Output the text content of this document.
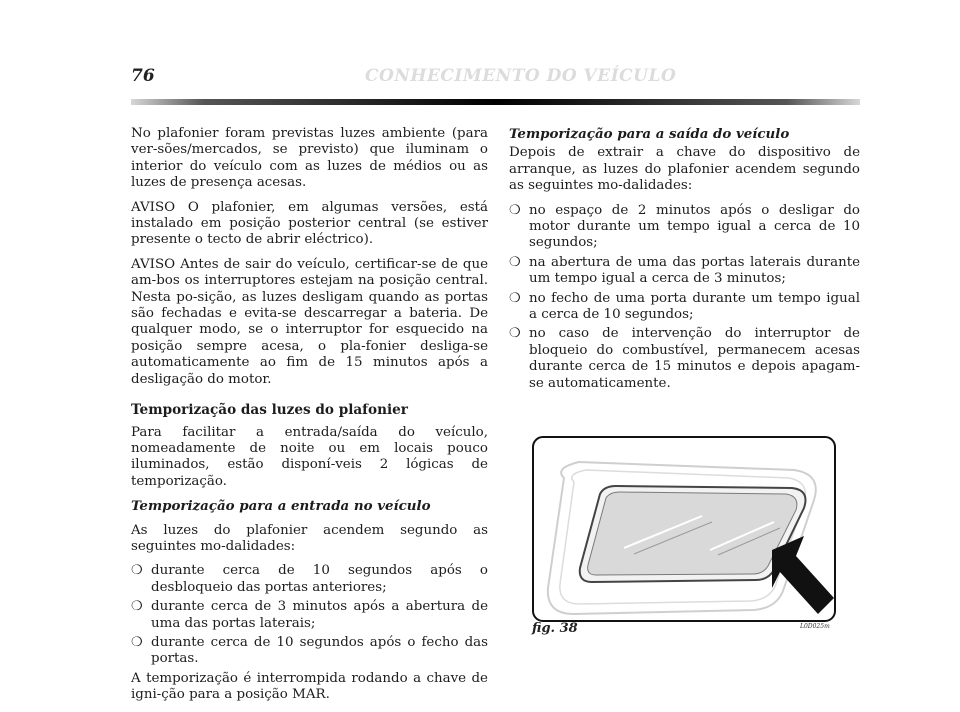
76	CONHECIMENTO DO VEÍCULO

No plafonier foram previstas luzes ambiente (para ver-sões/mercados, se previsto) que iluminam o interior do veículo com as luzes de médios ou as luzes de presença acesas.

AVISO O plafonier, em algumas versões, está instalado em posição posterior central (se estiver presente o tecto de abrir eléctrico).

AVISO Antes de sair do veículo, certificar-se de que am-bos os interruptores estejam na posição central. Nesta po-sição, as luzes desligam quando as portas são fechadas e evita-se descarregar a bateria. De qualquer modo, se o interruptor for esquecido na posição sempre acesa, o pla-fonier desliga-se automaticamente ao fim de 15 minutos após a desligação do motor.

Temporização das luzes do plafonier

Para facilitar a entrada/saída do veículo, nomeadamente de noite ou em locais pouco iluminados, estão disponí-veis 2 lógicas de temporização.

Temporização para a entrada no veículo

As luzes do plafonier acendem segundo as seguintes mo-dalidades:

❍ durante cerca de 10 segundos após o desbloqueio das portas anteriores;
❍ durante cerca de 3 minutos após a abertura de uma das portas laterais;
❍ durante cerca de 10 segundos após o fecho das portas.

A temporização é interrompida rodando a chave de igni-ção para a posição MAR.

Temporização para a saída do veículo

Depois de extrair a chave do dispositivo de arranque, as luzes do plafonier acendem segundo as seguintes mo-dalidades:

❍ no espaço de 2 minutos após o desligar do motor durante um tempo igual a cerca de 10 segundos;
❍ na abertura de uma das portas laterais durante um tempo igual a cerca de 3 minutos;
❍ no fecho de uma porta durante um tempo igual a cerca de 10 segundos;
❍ no caso de intervenção do interruptor de bloqueio do combustível, permanecem acesas durante cerca de 15 minutos e depois apagam-se automaticamente.
fig. 38	L0D025m
